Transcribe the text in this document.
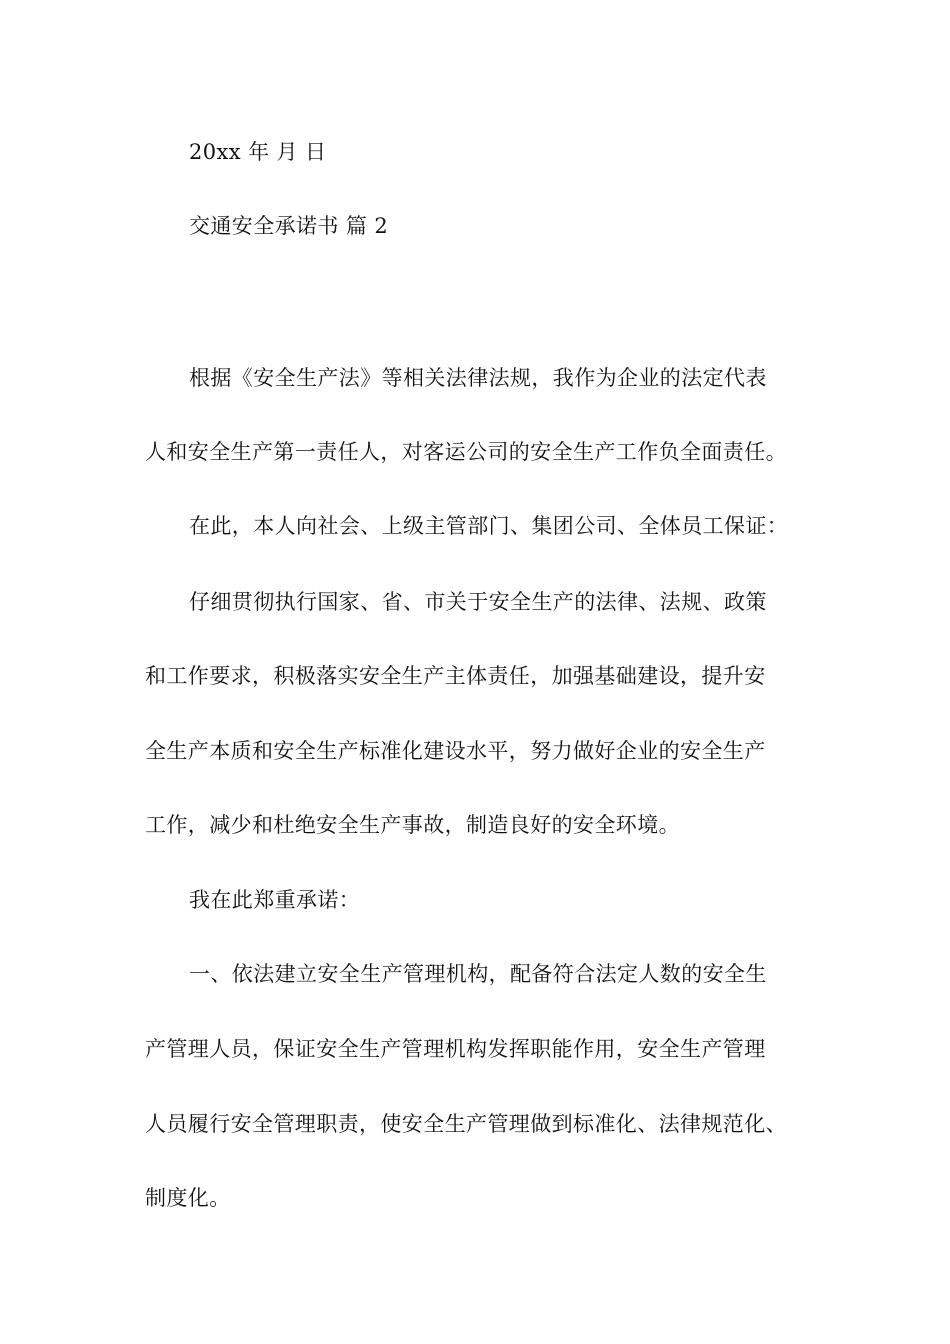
20xx 年 月 日
交通安全承诺书 篇 2
根据《安全生产法》等相关法律法规，我作为企业的法定代表
人和安全生产第一责任人，对客运公司的安全生产工作负全面责任。
在此，本人向社会、上级主管部门、集团公司、全体员工保证：
仔细贯彻执行国家、省、市关于安全生产的法律、法规、政策
和工作要求，积极落实安全生产主体责任，加强基础建设，提升安
全生产本质和安全生产标准化建设水平，努力做好企业的安全生产
工作，减少和杜绝安全生产事故，制造良好的安全环境。
我在此郑重承诺：
一、依法建立安全生产管理机构，配备符合法定人数的安全生
产管理人员，保证安全生产管理机构发挥职能作用，安全生产管理
人员履行安全管理职责，使安全生产管理做到标准化、法律规范化、
制度化。
